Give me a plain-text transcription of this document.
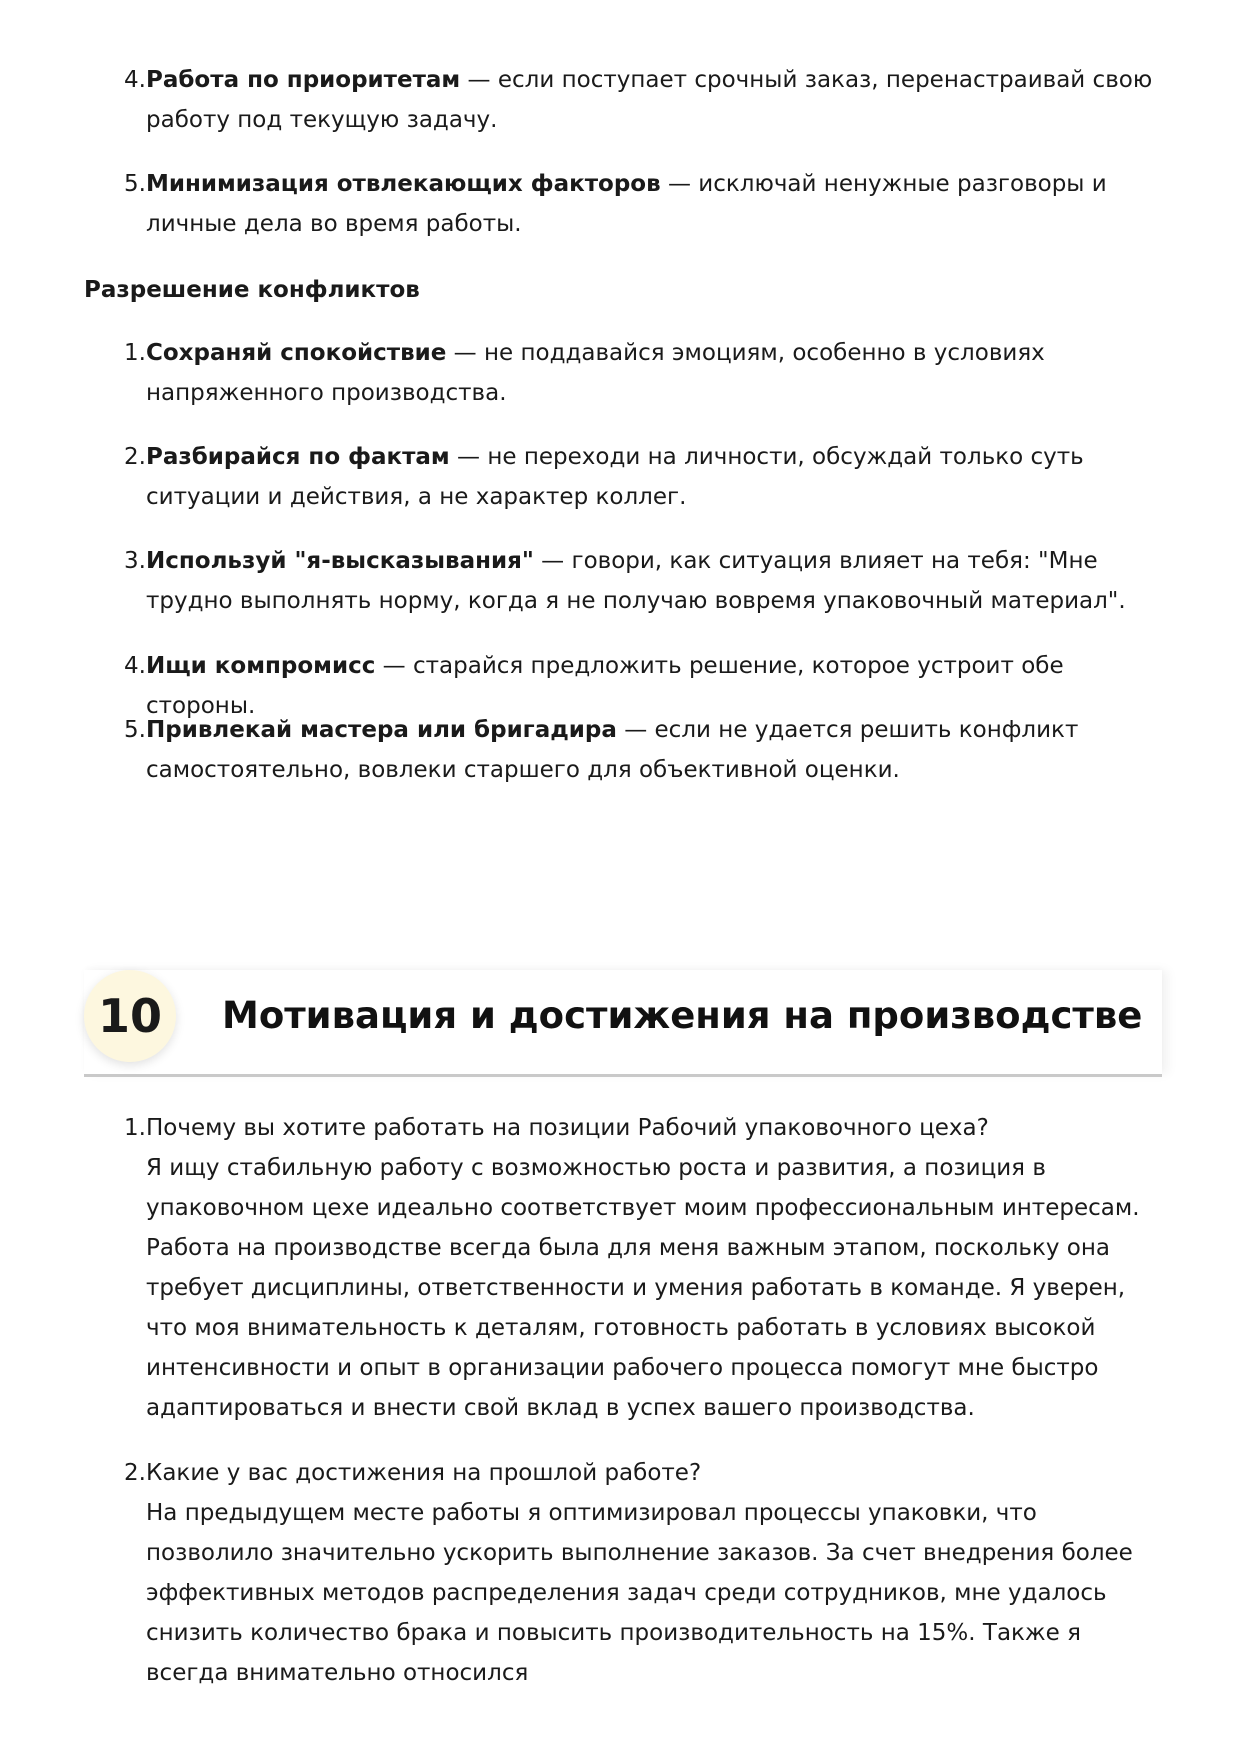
4. Работа по приоритетам — если поступает срочный заказ, перенастраивай свою работу под текущую задачу.
5. Минимизация отвлекающих факторов — исключай ненужные разговоры и личные дела во время работы.
Разрешение конфликтов
1. Сохраняй спокойствие — не поддавайся эмоциям, особенно в условиях напряженного производства.
2. Разбирайся по фактам — не переходи на личности, обсуждай только суть ситуации и действия, а не характер коллег.
3. Используй "я-высказывания" — говори, как ситуация влияет на тебя: "Мне трудно выполнять норму, когда я не получаю вовремя упаковочный материал".
4. Ищи компромисс — старайся предложить решение, которое устроит обе стороны.
5. Привлекай мастера или бригадира — если не удается решить конфликт самостоятельно, вовлеки старшего для объективной оценки.
10	Мотивация и достижения на производстве
1. Почему вы хотите работать на позиции Рабочий упаковочного цеха?
Я ищу стабильную работу с возможностью роста и развития, а позиция в упаковочном цехе идеально соответствует моим профессиональным интересам. Работа на производстве всегда была для меня важным этапом, поскольку она требует дисциплины, ответственности и умения работать в команде. Я уверен, что моя внимательность к деталям, готовность работать в условиях высокой интенсивности и опыт в организации рабочего процесса помогут мне быстро адаптироваться и внести свой вклад в успех вашего производства.
2. Какие у вас достижения на прошлой работе?
На предыдущем месте работы я оптимизировал процессы упаковки, что позволило значительно ускорить выполнение заказов. За счет внедрения более эффективных методов распределения задач среди сотрудников, мне удалось снизить количество брака и повысить производительность на 15%. Также я всегда внимательно относился
